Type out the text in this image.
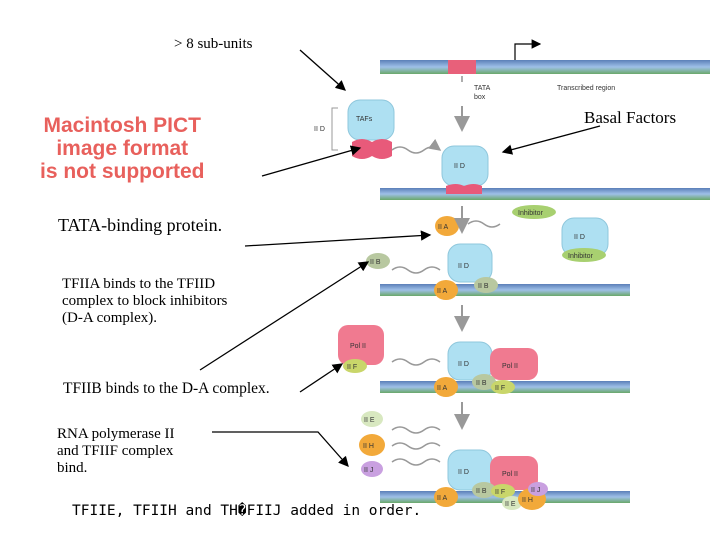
TATA
box
Transcribed region
II D
TAFs
II D
Inhibitor
II D
Inhibitor
II A
II B
II D
II A
II B
Pol II
II F	II D	Pol II
II A
II B
II F
II E
II H
II J	II D	Pol II
II A
II B II F
II E
II H
II J
Macintosh PICT
image format
is not supported
> 8 sub-units
Basal Factors
TATA-binding protein.
TFIIA binds to the TFIID
complex to block inhibitors
(D-A complex).
TFIIB binds to the D-A complex.
RNA polymerase II
and TFIIF complex
bind.
TFIIE, TFIIH and TH�FIIJ added in order.
